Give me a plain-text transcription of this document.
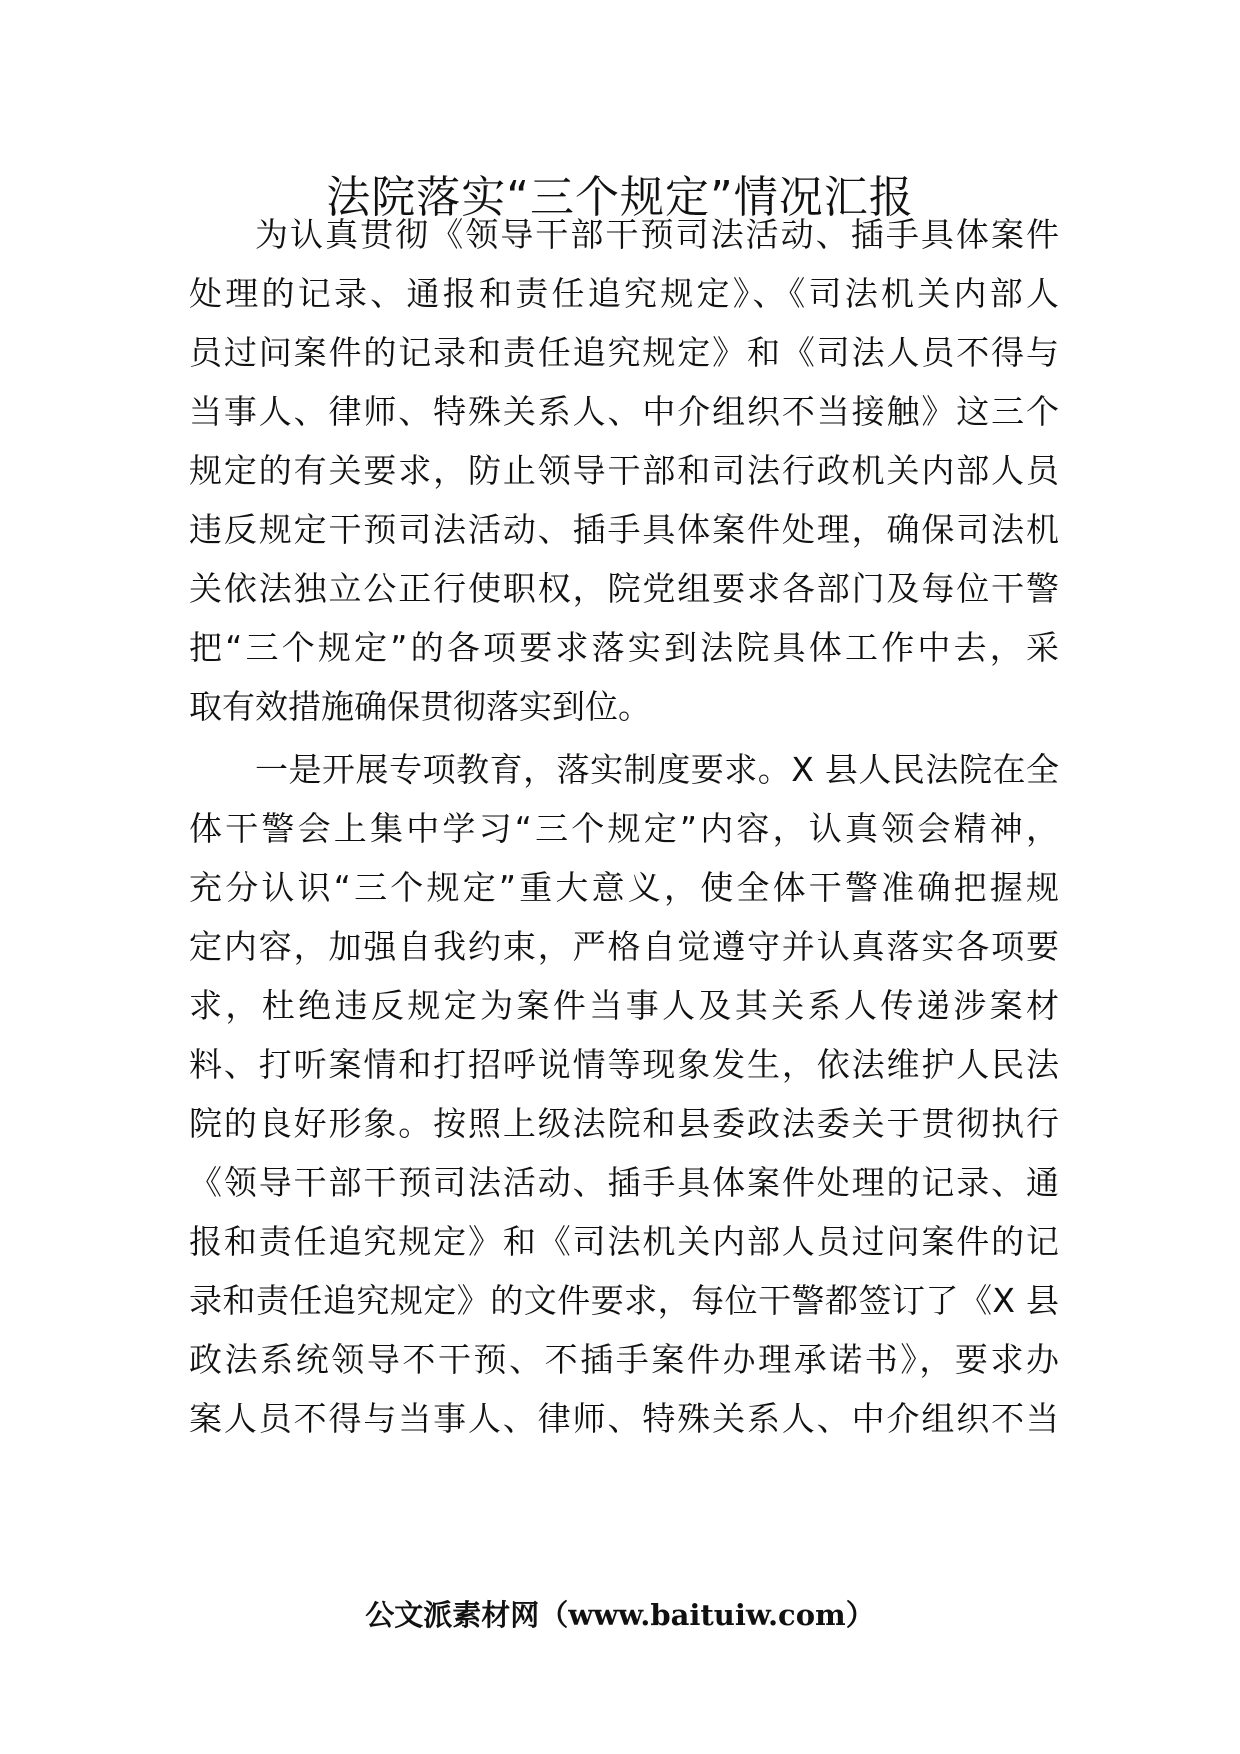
法院落实“三个规定”情况汇报

为认真贯彻《领导干部干预司法活动、插手具体案件

处理的记录、通报和责任追究规定》、《司法机关内部人

员过问案件的记录和责任追究规定》和《司法人员不得与

当事人、律师、特殊关系人、中介组织不当接触》这三个

规定的有关要求，防止领导干部和司法行政机关内部人员

违反规定干预司法活动、插手具体案件处理，确保司法机

关依法独立公正行使职权，院党组要求各部门及每位干警

把“三个规定”的各项要求落实到法院具体工作中去，采

取有效措施确保贯彻落实到位。

一是开展专项教育，落实制度要求。X 县人民法院在全

体干警会上集中学习“三个规定”内容，认真领会精神，

充分认识“三个规定”重大意义，使全体干警准确把握规

定内容，加强自我约束，严格自觉遵守并认真落实各项要

求，杜绝违反规定为案件当事人及其关系人传递涉案材

料、打听案情和打招呼说情等现象发生，依法维护人民法

院的良好形象。按照上级法院和县委政法委关于贯彻执行

《领导干部干预司法活动、插手具体案件处理的记录、通

报和责任追究规定》和《司法机关内部人员过问案件的记

录和责任追究规定》的文件要求，每位干警都签订了《X 县

政法系统领导不干预、不插手案件办理承诺书》，要求办

案人员不得与当事人、律师、特殊关系人、中介组织不当

公文派素材网（www.baituiw.com）
